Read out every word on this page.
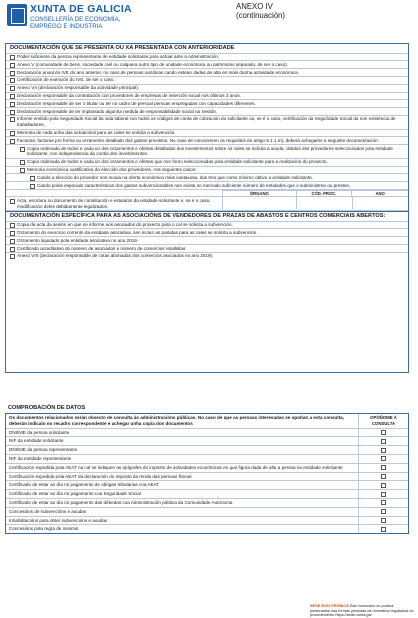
XUNTA DE GALICIA
CONSELLERÍA DE ECONOMÍA, EMPREGO E INDUSTRIA
ANEXO IV
(continuación)
DOCUMENTACIÓN QUE SE PRESENTA OU XA PRESENTADA CON ANTERIORIDADE
Poder suficiente da persoa representante de entidade solicitante para actuar ante a Administración.
Anexo V (comunidade de bens, sociedade civil ou calquera outro tipo de unidade económica ou patrimonio separado, de ser o caso).
Declaración anual do IVE do ano anterior, no caso de persoas xurídicas cando estean dadas de alta en máis dunha actividade económica.
Certificación de exención do IVE, de ser o caso.
Anexo VII (declaración responsable da actividade principal).
Declaración responsable da contratación con provedores de empresas de inserción social nos últimos 3 anos.
Declaración responsable de ser o titular ou ter no cadro de persoal persoas empregadas con capacidades diferentes.
Declaración responsable de ter implantado algunha medida de responsabilidade social na xestión.
Informe emitido pola Seguridade Social da vida laboral con todos os códigos de conta de cotización do solicitante ou, se é o caso, certificación da Seguridade Social da non existencia de traballadores.
Memoria de cada unha das actuacións para as cales se solicita a subvención.
Facturas, facturas pro forma ou orzamento detallado dos gastos previstos. No caso de concorreren os requisitos do artigo 5.1.1.m), deberá achegarse a seguinte documentación:
Copia ordenada de todos e cada un dos orzamentos e ofertas detalladas dos investimentos sobre os cales se solicita a axuda, obtidos dos provedores seleccionados pola entidade solicitante, con independencia da contía dos investimentos.
Copia ordenada de todos e cada un dos orzamentos e ofertas que non foron seleccionadas pola entidade solicitante para a realización do proxecto.
Memoria económica xustificativa da elección dos provedores, nos seguintes casos:
Cando a elección do provedor non recaia na oferta económica máis vantaxosa, das tres que como mínimo obtivo a entidade solicitante.
Cando polas especiais características dos gastos subvencionables non exista no mercado suficiente número de entidades que o subministren ou presten.
ÓRGANO	CÓD. PROC.	ANO
Acta, escritura ou documento de constitución e estatutos da entidade solicitante e, se é o caso, modificación deles debidamente legalizados.
DOCUMENTACIÓN ESPECÍFICA PARA AS ASOCIACIÓNS DE VENDEDORES DE PRAZAS DE ABASTOS E CENTROS COMERCIAIS ABERTOS:
Copia da acta da sesión en que se informe aos asociados do proxecto para o cal se solicita a subvención.
Orzamento do exercicio corrente da entidade asociativa, sen incluír as partidas para as cales se solicita a subvención.
Orzamento liquidado pola entidade asociativa no ano 2019.
Certificado acreditativo do número de asociados e número de comercios retallistas.
Anexo VIII (declaración responsable de cotas abonadas dos comercios asociados no ano 2019).
COMPROBACIÓN DE DATOS
Os documentos relacionados serán obxecto de consulta ás administracións públicas. No caso de que as persoas interesadas se opoñan a esta consulta, deberán indicalo no recadro correspondente e achegar unha copia dos documentos
OPÓÑOME Á CONSULTA
DNI/NIE da persoa solicitante
NIF da entidade solicitante
DNI/NIE da persoa representante
NIF da entidade representante
Certificación expedida pola AEAT na cal se indiquen as epígrafes do imposto de actividades económicas en que figura dada de alta a persoa ou entidade solicitante
Certificación expedida pola AEAT da declaración do imposto da renda das persoas físicas
Certificado de estar ao día no pagamento de obrigas tributarias coa AEAT
Certificado de estar ao día no pagamento coa Seguridade Social
Certificado de estar ao día no pagamento das débedas coa Administración pública da Comunidade Autónoma
Concesións de subvencións e axudas
Inhabilitacións para obter subvencións e axudas
Concesións pola regra de minimis
SEDE ELECTRÓNICA Este formulario só poderá presentarse nas formas previstas na normativa reguladora do procedemento https://sede.xunta.gal
